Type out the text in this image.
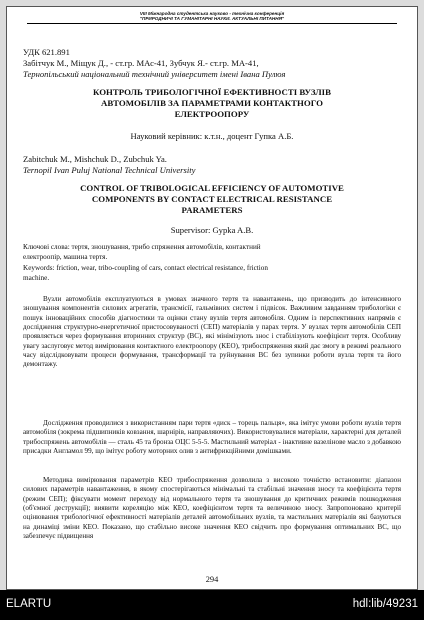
VIII Міжнародна студентська науково - технічна конференція
"ПРИРОДНИЧІ ТА ГУМАНІТАРНІ НАУКИ. АКТУАЛЬНІ ПИТАННЯ"
УДК 621.891
Забітчук М., Міщук Д., - ст.гр. МАс-41, Зубчук Я.- ст.гр. МА-41,
Тернопільський національний технічний університет імені Івана Пулюя
КОНТРОЛЬ ТРИБОЛОГІЧНОЇ ЕФЕКТИВНОСТІ ВУЗЛІВ
АВТОМОБІЛІВ ЗА ПАРАМЕТРАМИ КОНТАКТНОГО
ЕЛЕКТРООПОРУ
Науковий керівник: к.т.н., доцент Гупка А.Б.
Zabitchuk M., Mishchuk D., Zubchuk Ya.
Ternopil Ivan Puluj National Technical University
CONTROL OF TRIBOLOGICAL EFFICIENCY OF AUTOMOTIVE
COMPONENTS BY CONTACT ELECTRICAL RESISTANCE
PARAMETERS
Supervisor: Gypka A.B.
Ключові слова: тертя, зношування, трибо спряження автомобілів, контактний
електроопір, машина тертя.
Keywords: friction, wear, tribo-coupling of cars, contact electrical resistance, friction
machine.

Вузли автомобілів експлуатуються в умовах значного тертя та навантажень, що призводить до інтенсивного зношування компонентів силових агрегатів, трансмісії, гальмівних систем і підвісок. Важливим завданням трибологіки є пошук інноваційних способів діагностики та оцінки стану вузлів тертя автомобіля. Одним із перспективних напрямів є дослідження структурно-енергетичної пристосовуваності (СЕП) матеріалів у парах тертя. У вузлах тертя автомобілів СЕП проявляється через формування вторинних структур (ВС), які мінімізують знос і стабілізують коефіцієнт тертя. Особливу увагу заслуговує метод вимірювання контактного електроопору (КЕО), трибоспряження який дає змогу в режимі реального часу відслідковувати процеси формування, трансформації та руйнування ВС без зупинки роботи вузла тертя та його демонтажу.

Дослідження проводилися з використанням пари тертя «диск – торець пальця», яка імітує умови роботи вузлів тертя автомобіля (зокрема підшипників ковзання, шарнірів, направляючих). Використовувалися матеріали, характерні для деталей трибоспряжень автомобілів — сталь 45 та бронза ОЦС 5-5-5. Мастильний матеріал - інактивне вазелінове масло з добавкою присадки Англамол 99, що імітує роботу моторних олив з антифрикційними домішками.

Методика вимірювання параметрів КЕО трибоспряження дозволила з високою точністю встановити: діапазон силових параметрів навантаження, в якому спостерігаються мінімальні та стабільні значення зносу та коефіцієнта тертя (режим СЕП); фіксувати момент переходу від нормального тертя та зношування до критичних режимів пошкодження (об'ємної деструкції); виявити кореляцію між КЕО, коефіцієнтом тертя та величиною зносу. Запропоновано критерії оцінювання трибологічної ефективності матеріалів деталей автомобільних вузлів, та мастильних матеріалів які базуються на динаміці зміни КЕО. Показано, що стабільно високе значення КЕО свідчить про формування оптимальних ВС, що забезпечує підвищення

294
ELARTU	hdl:lib/49231
